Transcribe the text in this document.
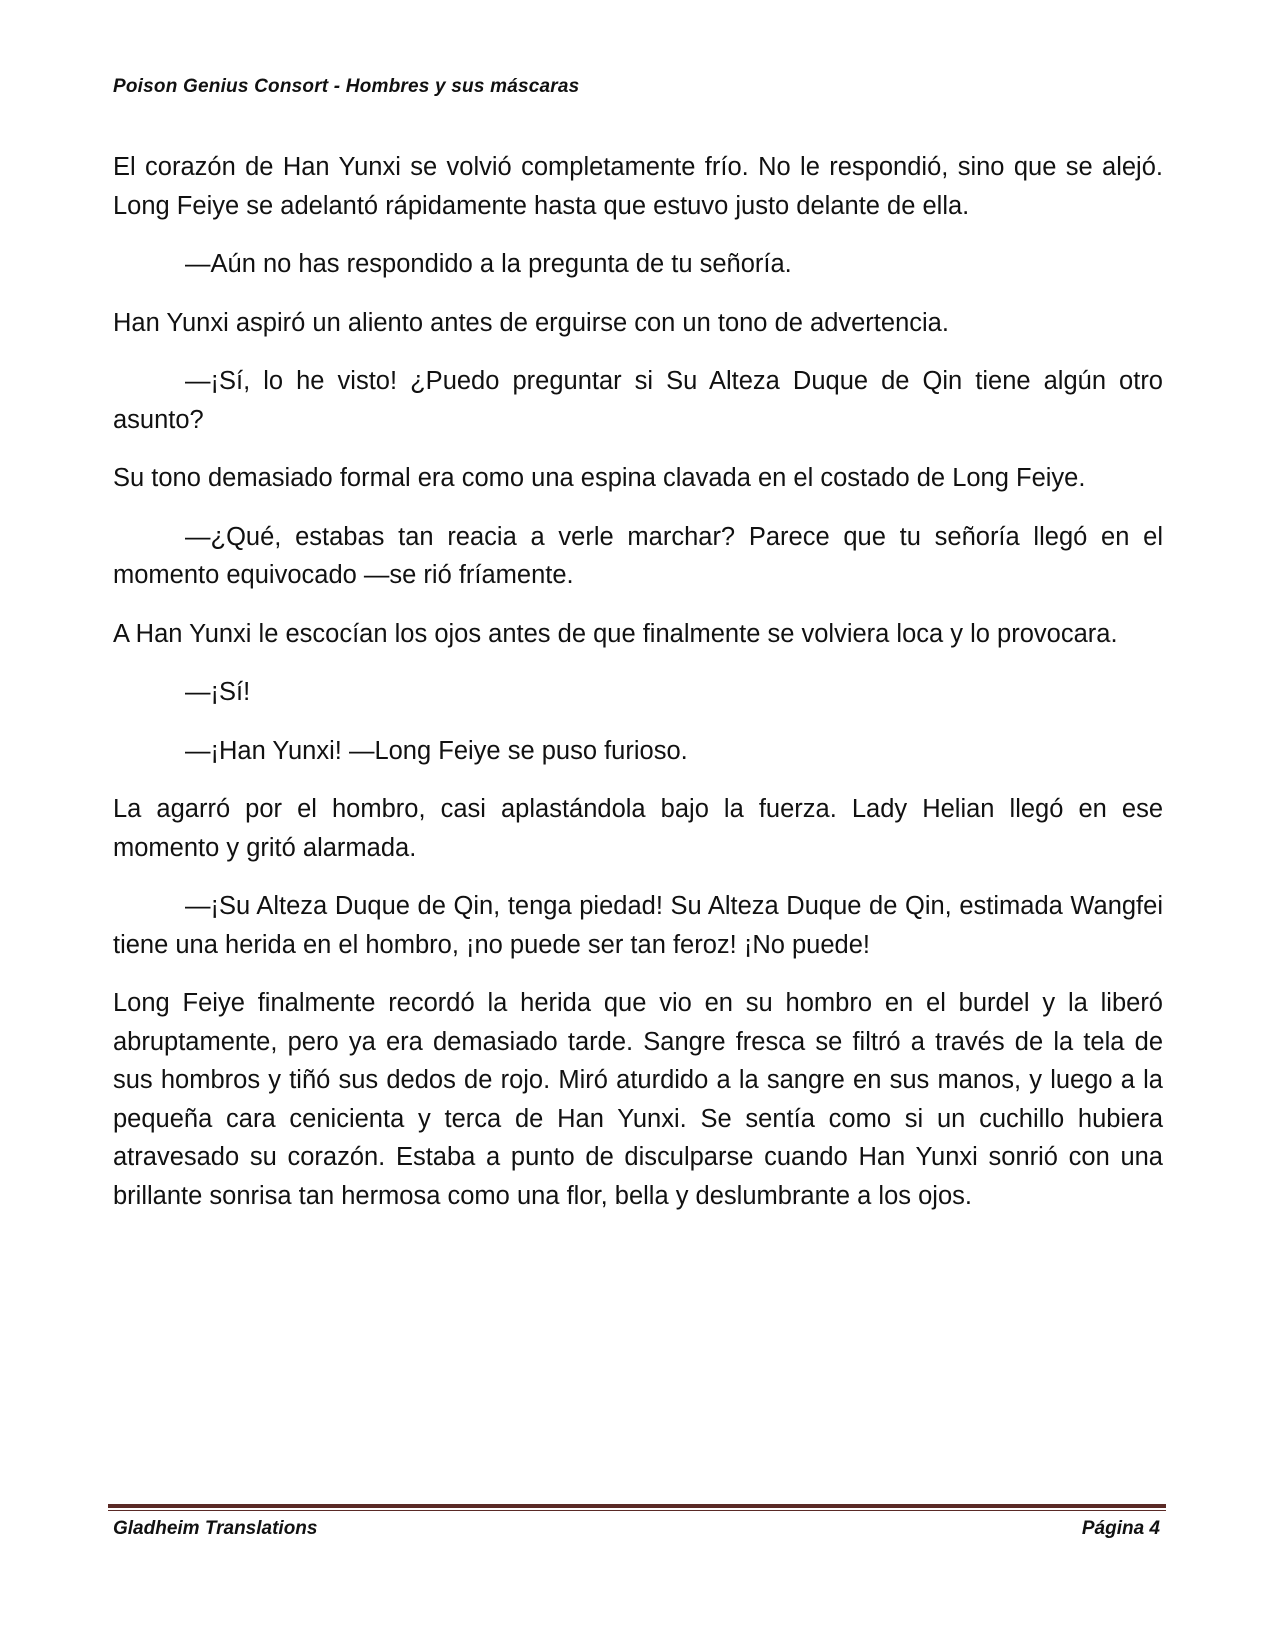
Poison Genius Consort - Hombres y sus máscaras

El corazón de Han Yunxi se volvió completamente frío. No le respondió, sino que se alejó. Long Feiye se adelantó rápidamente hasta que estuvo justo delante de ella.

—Aún no has respondido a la pregunta de tu señoría.

Han Yunxi aspiró un aliento antes de erguirse con un tono de advertencia.

—¡Sí, lo he visto! ¿Puedo preguntar si Su Alteza Duque de Qin tiene algún otro asunto?

Su tono demasiado formal era como una espina clavada en el costado de Long Feiye.

—¿Qué, estabas tan reacia a verle marchar? Parece que tu señoría llegó en el momento equivocado —se rió fríamente.

A Han Yunxi le escocían los ojos antes de que finalmente se volviera loca y lo provocara.

—¡Sí!

—¡Han Yunxi! —Long Feiye se puso furioso.

La agarró por el hombro, casi aplastándola bajo la fuerza. Lady Helian llegó en ese momento y gritó alarmada.

—¡Su Alteza Duque de Qin, tenga piedad! Su Alteza Duque de Qin, estimada Wangfei tiene una herida en el hombro, ¡no puede ser tan feroz! ¡No puede!

Long Feiye finalmente recordó la herida que vio en su hombro en el burdel y la liberó abruptamente, pero ya era demasiado tarde. Sangre fresca se filtró a través de la tela de sus hombros y tiñó sus dedos de rojo. Miró aturdido a la sangre en sus manos, y luego a la pequeña cara cenicienta y terca de Han Yunxi. Se sentía como si un cuchillo hubiera atravesado su corazón. Estaba a punto de disculparse cuando Han Yunxi sonrió con una brillante sonrisa tan hermosa como una flor, bella y deslumbrante a los ojos.

Gladheim Translations	Página 4
